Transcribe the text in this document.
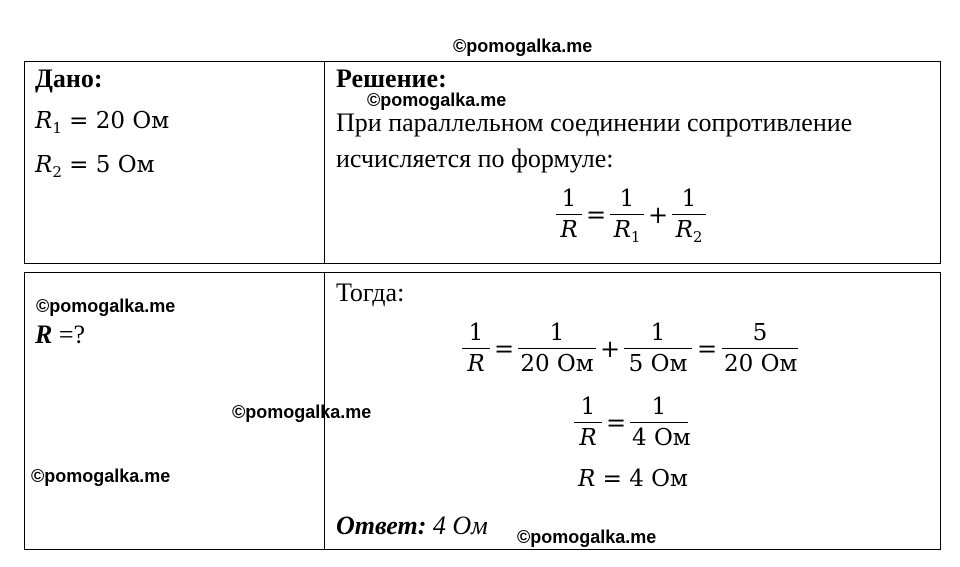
©pomogalka.me
©pomogalka.me
©pomogalka.me
©pomogalka.me
©pomogalka.me
©pomogalka.me
Дано:
$R_1 = 20$ Ом
$R_2 = 5$ Ом
Решение:
При параллельном соединении сопротивление
исчисляется по формуле:
1
R
=
1
$R_1$
+
1
$R_2$
R =?
Тогда:
1
R
=
1
20 Ом
+
1
5 Ом
=
5
20 Ом
1
R
=
1
4 Ом
R = 4 Ом
Ответ: 4 Ом
